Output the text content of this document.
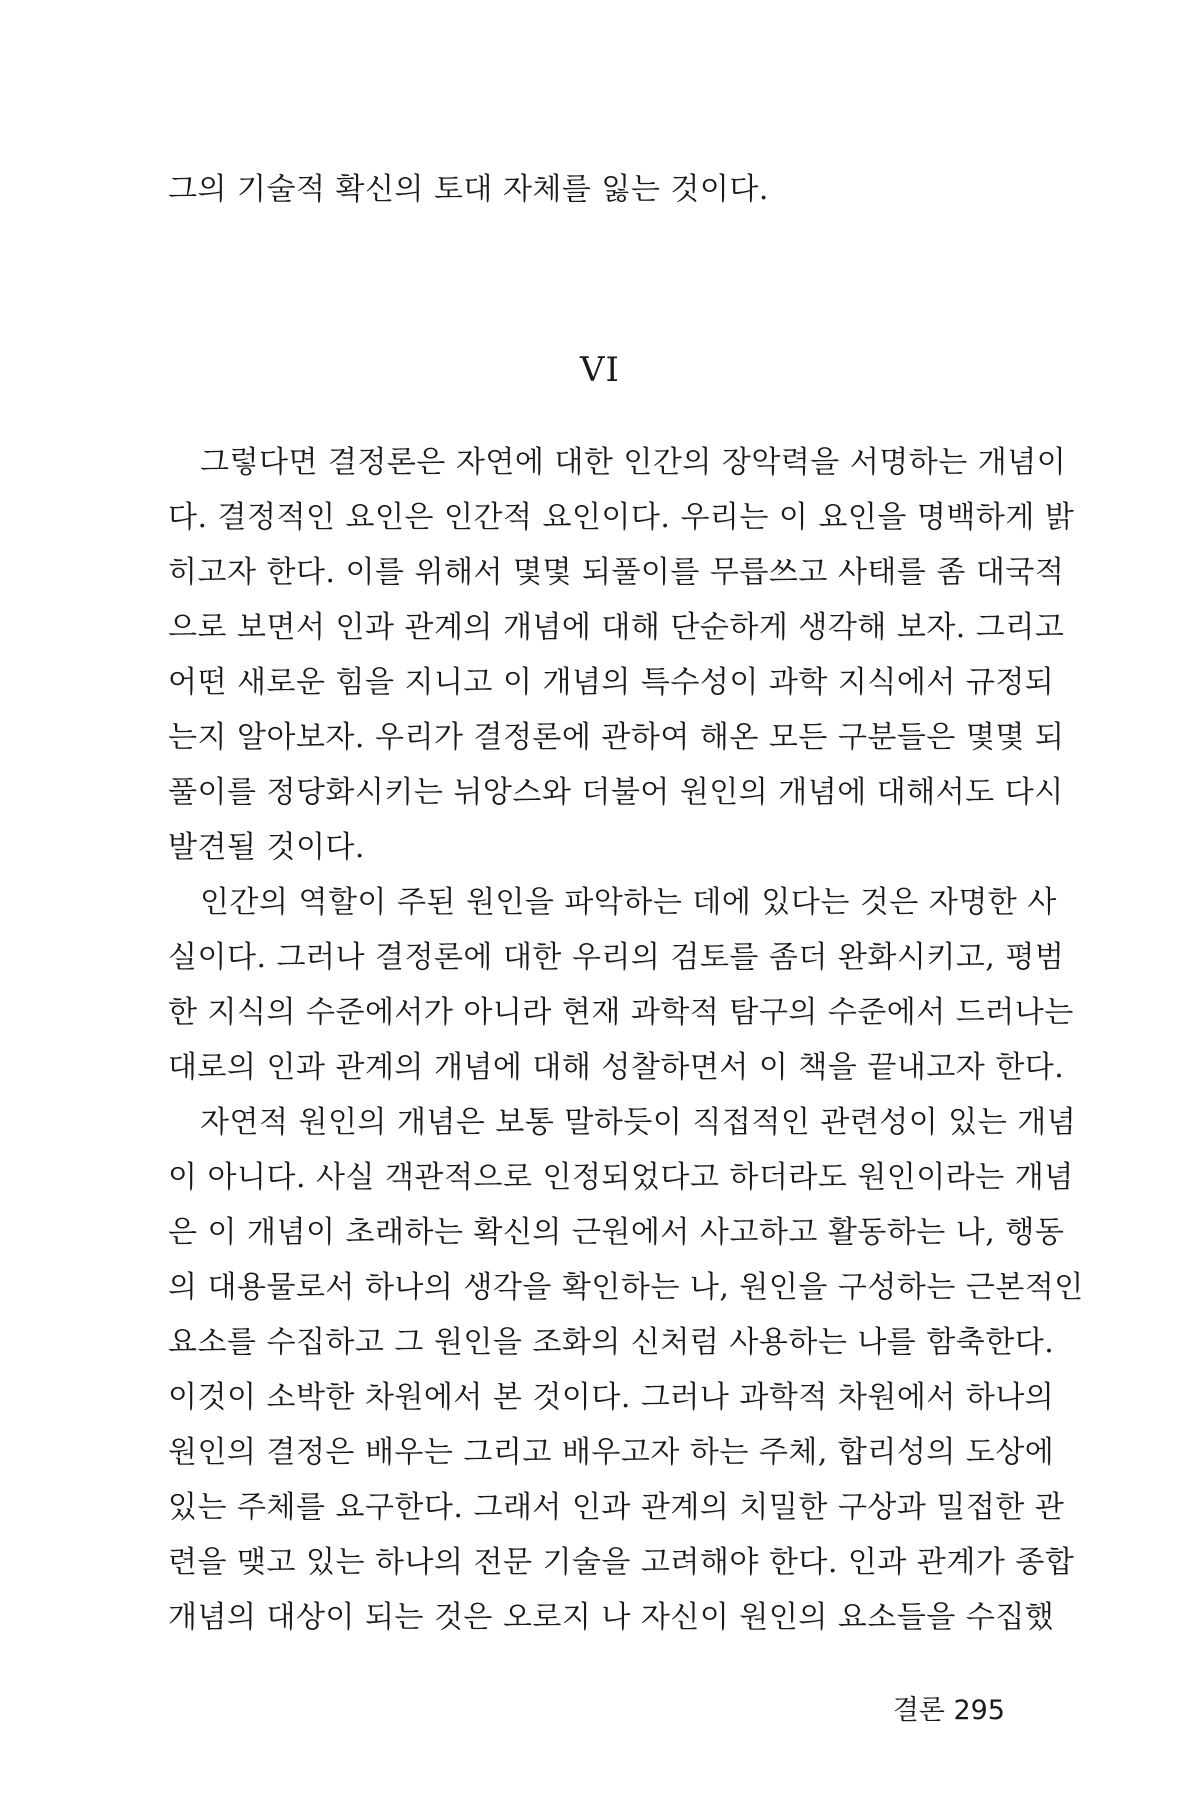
그의 기술적 확신의 토대 자체를 잃는 것이다.
VI
그렇다면 결정론은 자연에 대한 인간의 장악력을 서명하는 개념이
다. 결정적인 요인은 인간적 요인이다. 우리는 이 요인을 명백하게 밝
히고자 한다. 이를 위해서 몇몇 되풀이를 무릅쓰고 사태를 좀 대국적
으로 보면서 인과 관계의 개념에 대해 단순하게 생각해 보자. 그리고
어떤 새로운 힘을 지니고 이 개념의 특수성이 과학 지식에서 규정되
는지 알아보자. 우리가 결정론에 관하여 해온 모든 구분들은 몇몇 되
풀이를 정당화시키는 뉘앙스와 더불어 원인의 개념에 대해서도 다시
발견될 것이다.
인간의 역할이 주된 원인을 파악하는 데에 있다는 것은 자명한 사
실이다. 그러나 결정론에 대한 우리의 검토를 좀더 완화시키고, 평범
한 지식의 수준에서가 아니라 현재 과학적 탐구의 수준에서 드러나는
대로의 인과 관계의 개념에 대해 성찰하면서 이 책을 끝내고자 한다.
자연적 원인의 개념은 보통 말하듯이 직접적인 관련성이 있는 개념
이 아니다. 사실 객관적으로 인정되었다고 하더라도 원인이라는 개념
은 이 개념이 초래하는 확신의 근원에서 사고하고 활동하는 나, 행동
의 대용물로서 하나의 생각을 확인하는 나, 원인을 구성하는 근본적인
요소를 수집하고 그 원인을 조화의 신처럼 사용하는 나를 함축한다.
이것이 소박한 차원에서 본 것이다. 그러나 과학적 차원에서 하나의
원인의 결정은 배우는 그리고 배우고자 하는 주체, 합리성의 도상에
있는 주체를 요구한다. 그래서 인과 관계의 치밀한 구상과 밀접한 관
련을 맺고 있는 하나의 전문 기술을 고려해야 한다. 인과 관계가 종합
개념의 대상이 되는 것은 오로지 나 자신이 원인의 요소들을 수집했
결론 295
